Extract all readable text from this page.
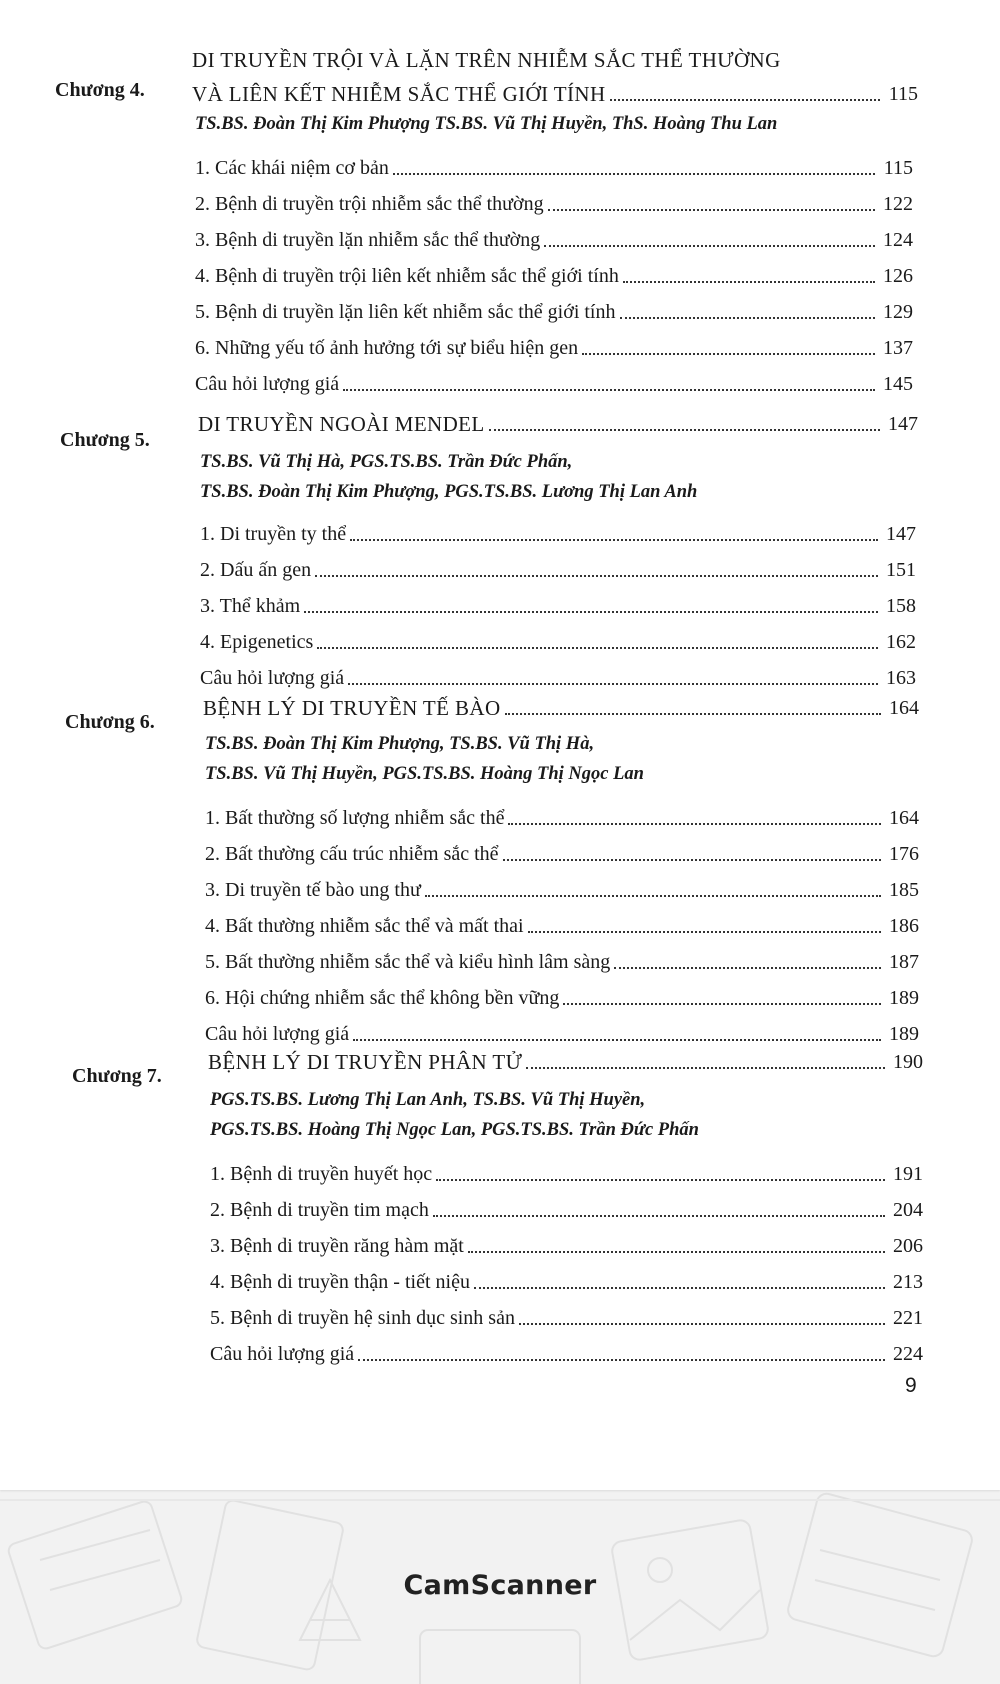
Chương 4.
DI TRUYỀN TRỘI VÀ LẶN TRÊN NHIỄM SẮC THỂ THƯỜNG
VÀ LIÊN KẾT NHIỄM SẮC THỂ GIỚI TÍNH	115
TS.BS. Đoàn Thị Kim Phượng TS.BS. Vũ Thị Huyền, ThS. Hoàng Thu Lan
1. Các khái niệm cơ bản	115
2. Bệnh di truyền trội nhiễm sắc thể thường	122
3. Bệnh di truyền lặn nhiễm sắc thể thường	124
4. Bệnh di truyền trội liên kết nhiễm sắc thể giới tính	126
5. Bệnh di truyền lặn liên kết nhiễm sắc thể giới tính	129
6. Những yếu tố ảnh hưởng tới sự biểu hiện gen	137
Câu hỏi lượng giá	145
Chương 5.
DI TRUYỀN NGOÀI MENDEL	147
TS.BS. Vũ Thị Hà, PGS.TS.BS. Trần Đức Phấn,
TS.BS. Đoàn Thị Kim Phượng, PGS.TS.BS. Lương Thị Lan Anh
1. Di truyền ty thể	147
2. Dấu ấn gen	151
3. Thể khảm	158
4. Epigenetics	162
Câu hỏi lượng giá	163
Chương 6.
BỆNH LÝ DI TRUYỀN TẾ BÀO	164
TS.BS. Đoàn Thị Kim Phượng, TS.BS. Vũ Thị Hà,
TS.BS. Vũ Thị Huyền, PGS.TS.BS. Hoàng Thị Ngọc Lan
1. Bất thường số lượng nhiễm sắc thể	164
2. Bất thường cấu trúc nhiễm sắc thể	176
3. Di truyền tế bào ung thư	185
4. Bất thường nhiễm sắc thể và mất thai	186
5. Bất thường nhiễm sắc thể và kiểu hình lâm sàng	187
6. Hội chứng nhiễm sắc thể không bền vững	189
Câu hỏi lượng giá	189
Chương 7.
BỆNH LÝ DI TRUYỀN PHÂN TỬ	190
PGS.TS.BS. Lương Thị Lan Anh, TS.BS. Vũ Thị Huyền,
PGS.TS.BS. Hoàng Thị Ngọc Lan, PGS.TS.BS. Trần Đức Phấn
1. Bệnh di truyền huyết học	191
2. Bệnh di truyền tim mạch	204
3. Bệnh di truyền răng hàm mặt	206
4. Bệnh di truyền thận - tiết niệu	213
5. Bệnh di truyền hệ sinh dục sinh sản	221
Câu hỏi lượng giá	224
9
CamScanner
